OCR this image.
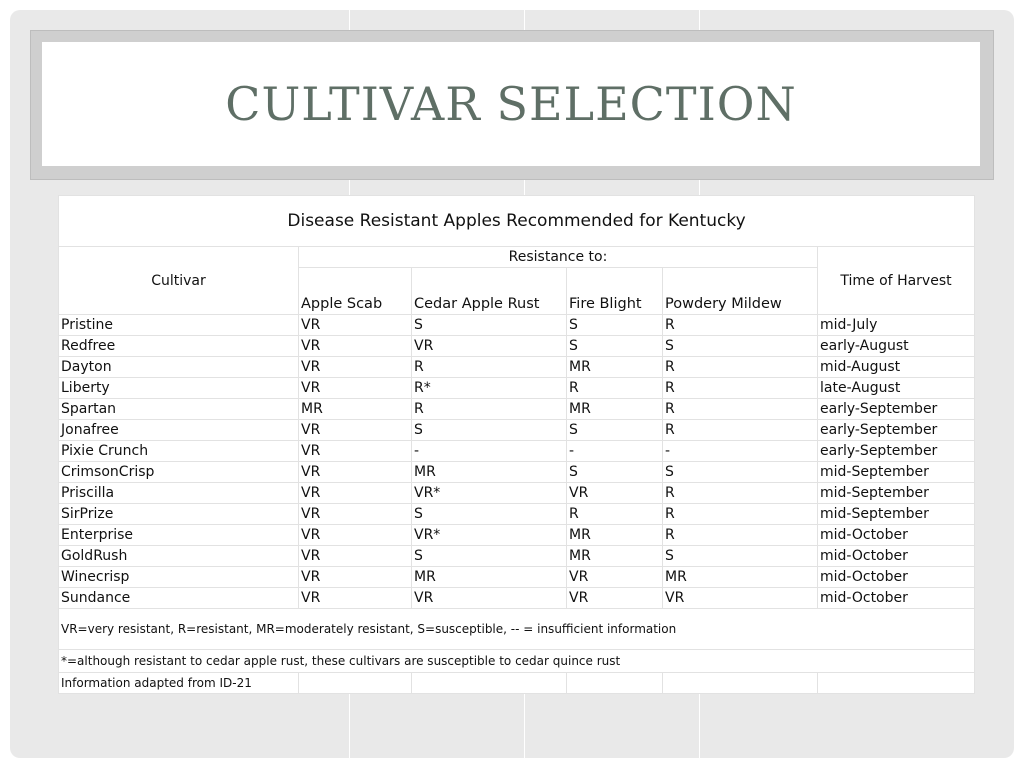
CULTIVAR SELECTION
Disease Resistant Apples Recommended for Kentucky					
Cultivar	Resistance to:				Time of Harvest
	Apple Scab	Cedar Apple Rust	Fire Blight	Powdery Mildew	
Pristine	VR	S	S	R	mid-July
Redfree	VR	VR	S	S	early-August
Dayton	VR	R	MR	R	mid-August
Liberty	VR	R*	R	R	late-August
Spartan	MR	R	MR	R	early-September
Jonafree	VR	S	S	R	early-September
Pixie Crunch	VR	-	-	-	early-September
CrimsonCrisp	VR	MR	S	S	mid-September
Priscilla	VR	VR*	VR	R	mid-September
SirPrize	VR	S	R	R	mid-September
Enterprise	VR	VR*	MR	R	mid-October
GoldRush	VR	S	MR	S	mid-October
Winecrisp	VR	MR	VR	MR	mid-October
Sundance	VR	VR	VR	VR	mid-October
VR=very resistant, R=resistant, MR=moderately resistant, S=susceptible, -- = insufficient information					
*=although resistant to cedar apple rust, these cultivars are susceptible to cedar quince rust					
Information adapted from ID-21					
